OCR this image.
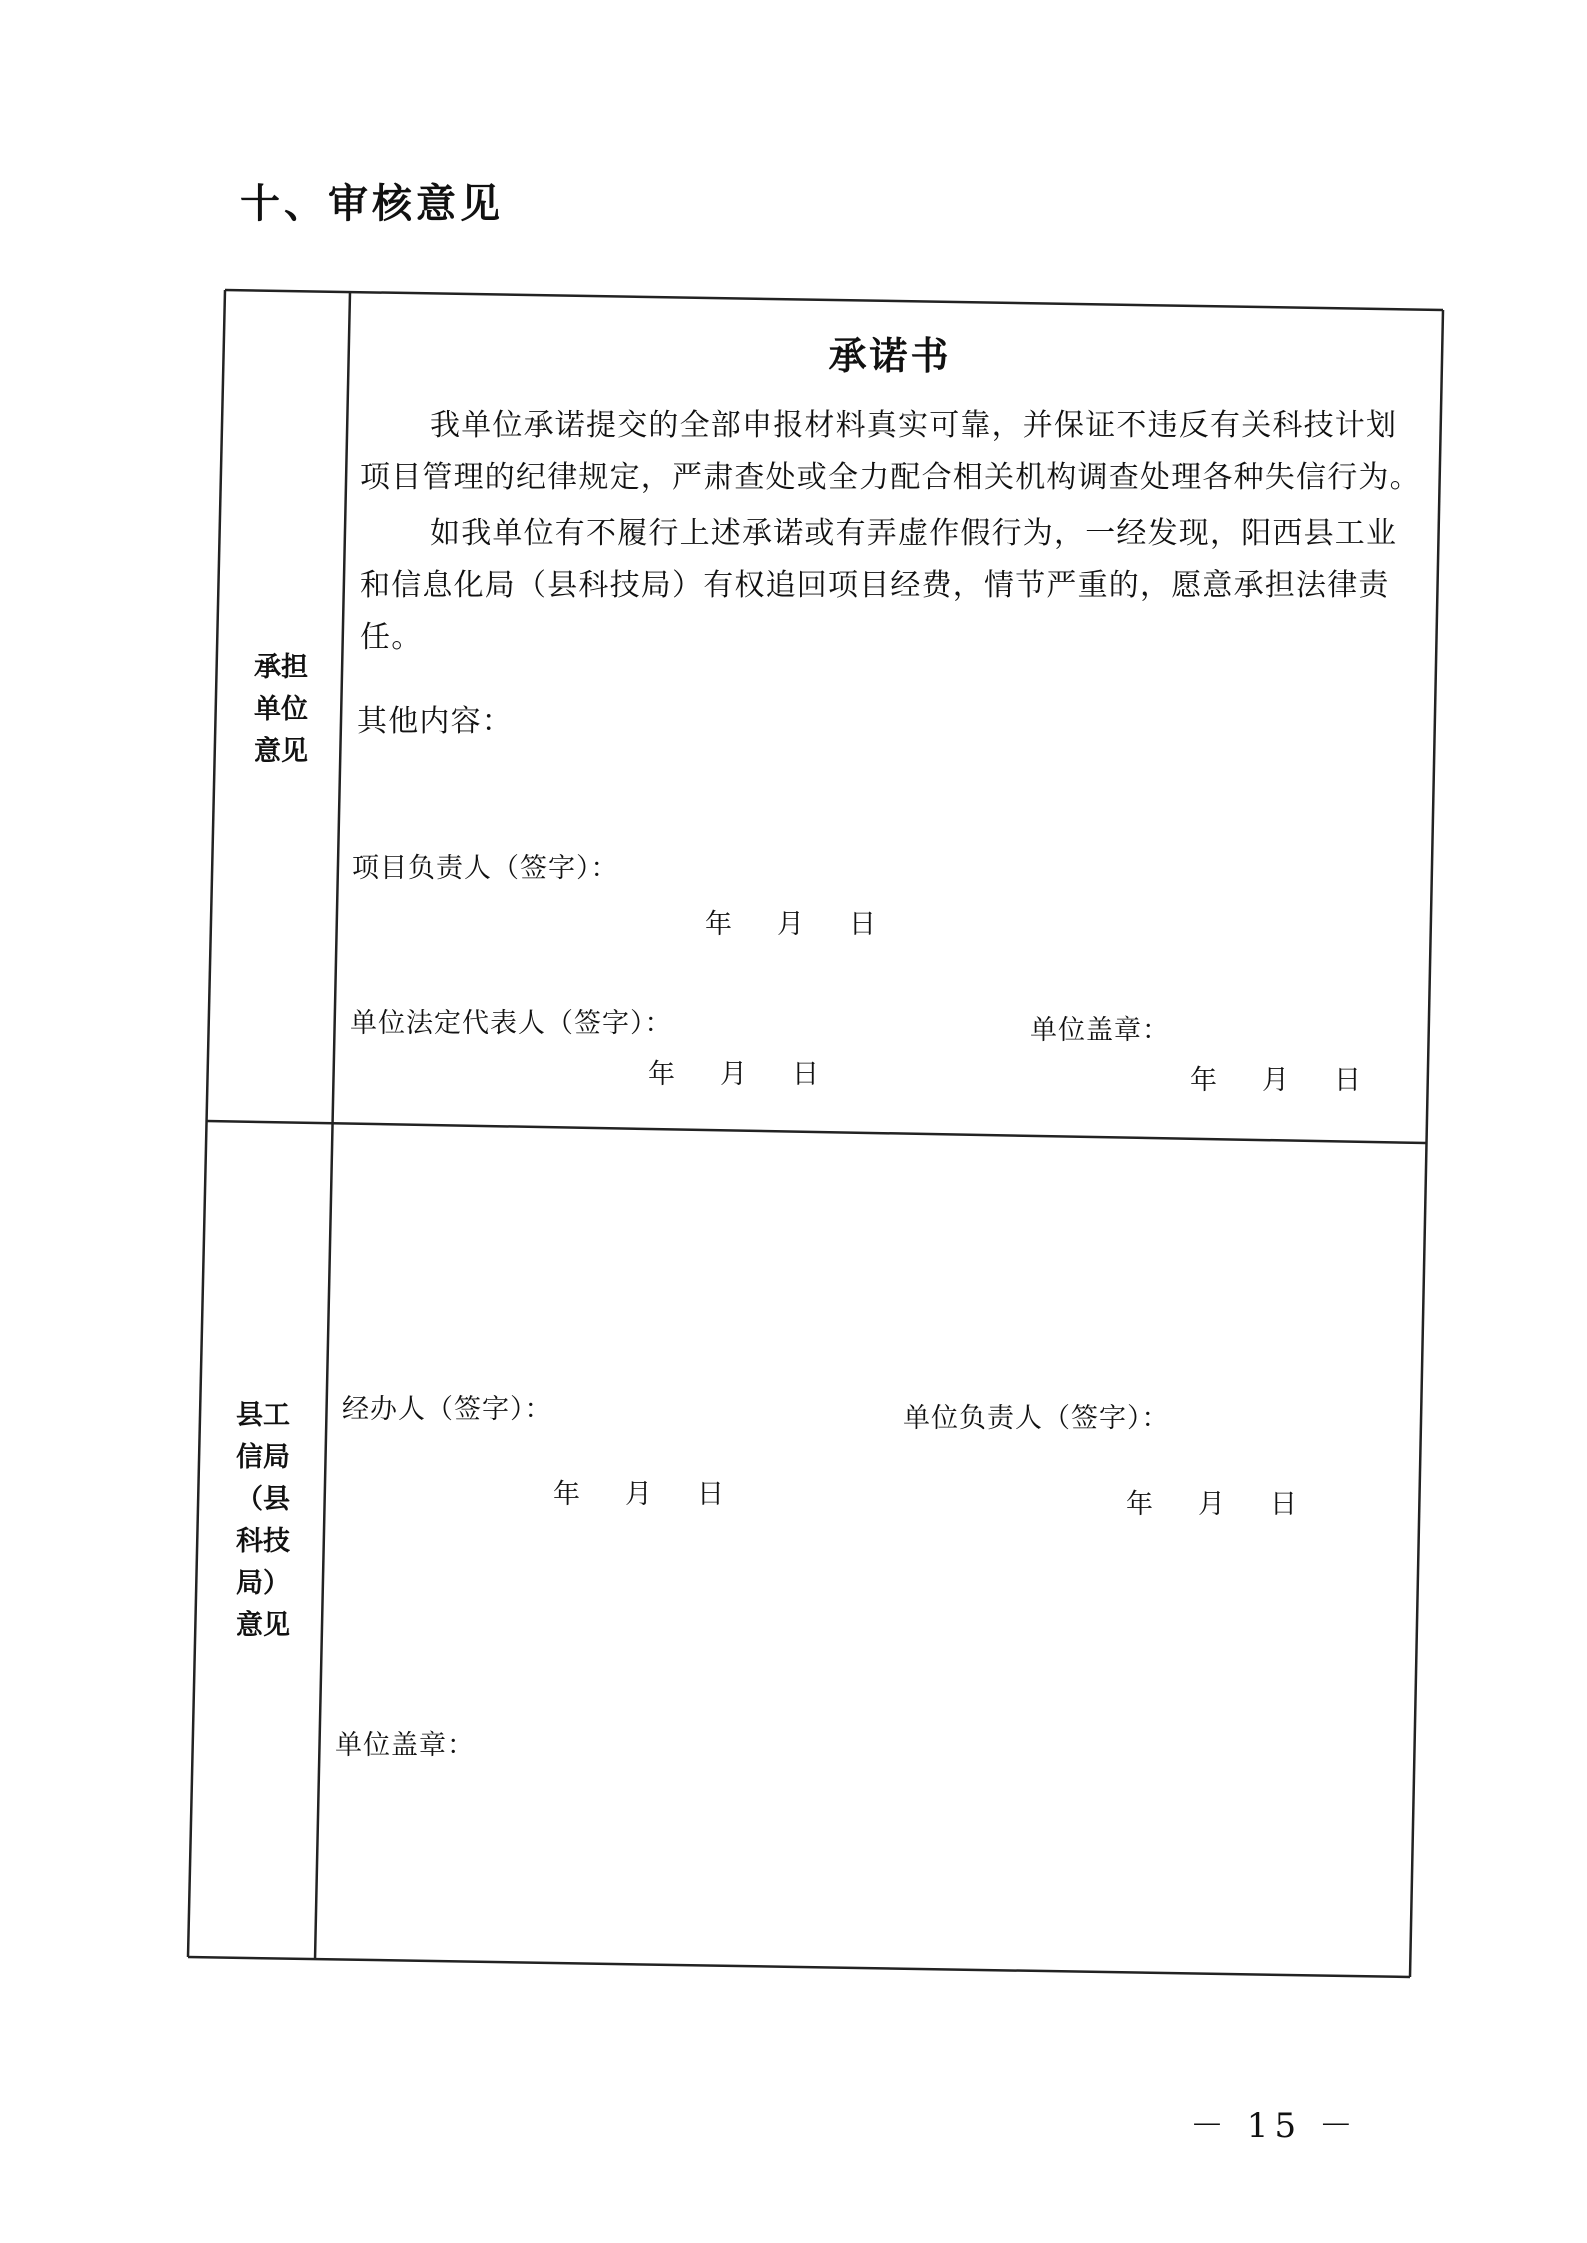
十、审核意见
承担
单位
意见
承诺书
我单位承诺提交的全部申报材料真实可靠，并保证不违反有关科技计划
项目管理的纪律规定，严肃查处或全力配合相关机构调查处理各种失信行为。
如我单位有不履行上述承诺或有弄虚作假行为，一经发现，阳西县工业
和信息化局（县科技局）有权追回项目经费，情节严重的，愿意承担法律责
任。
其他内容：
项目负责人（签字）：
年 月 日
单位法定代表人（签字）：
年 月 日
单位盖章：
年 月 日
县工
信局
（县
科技
局）
意见
经办人（签字）：
年 月 日
单位负责人（签字）：
年 月 日
单位盖章：
－ 15 －
